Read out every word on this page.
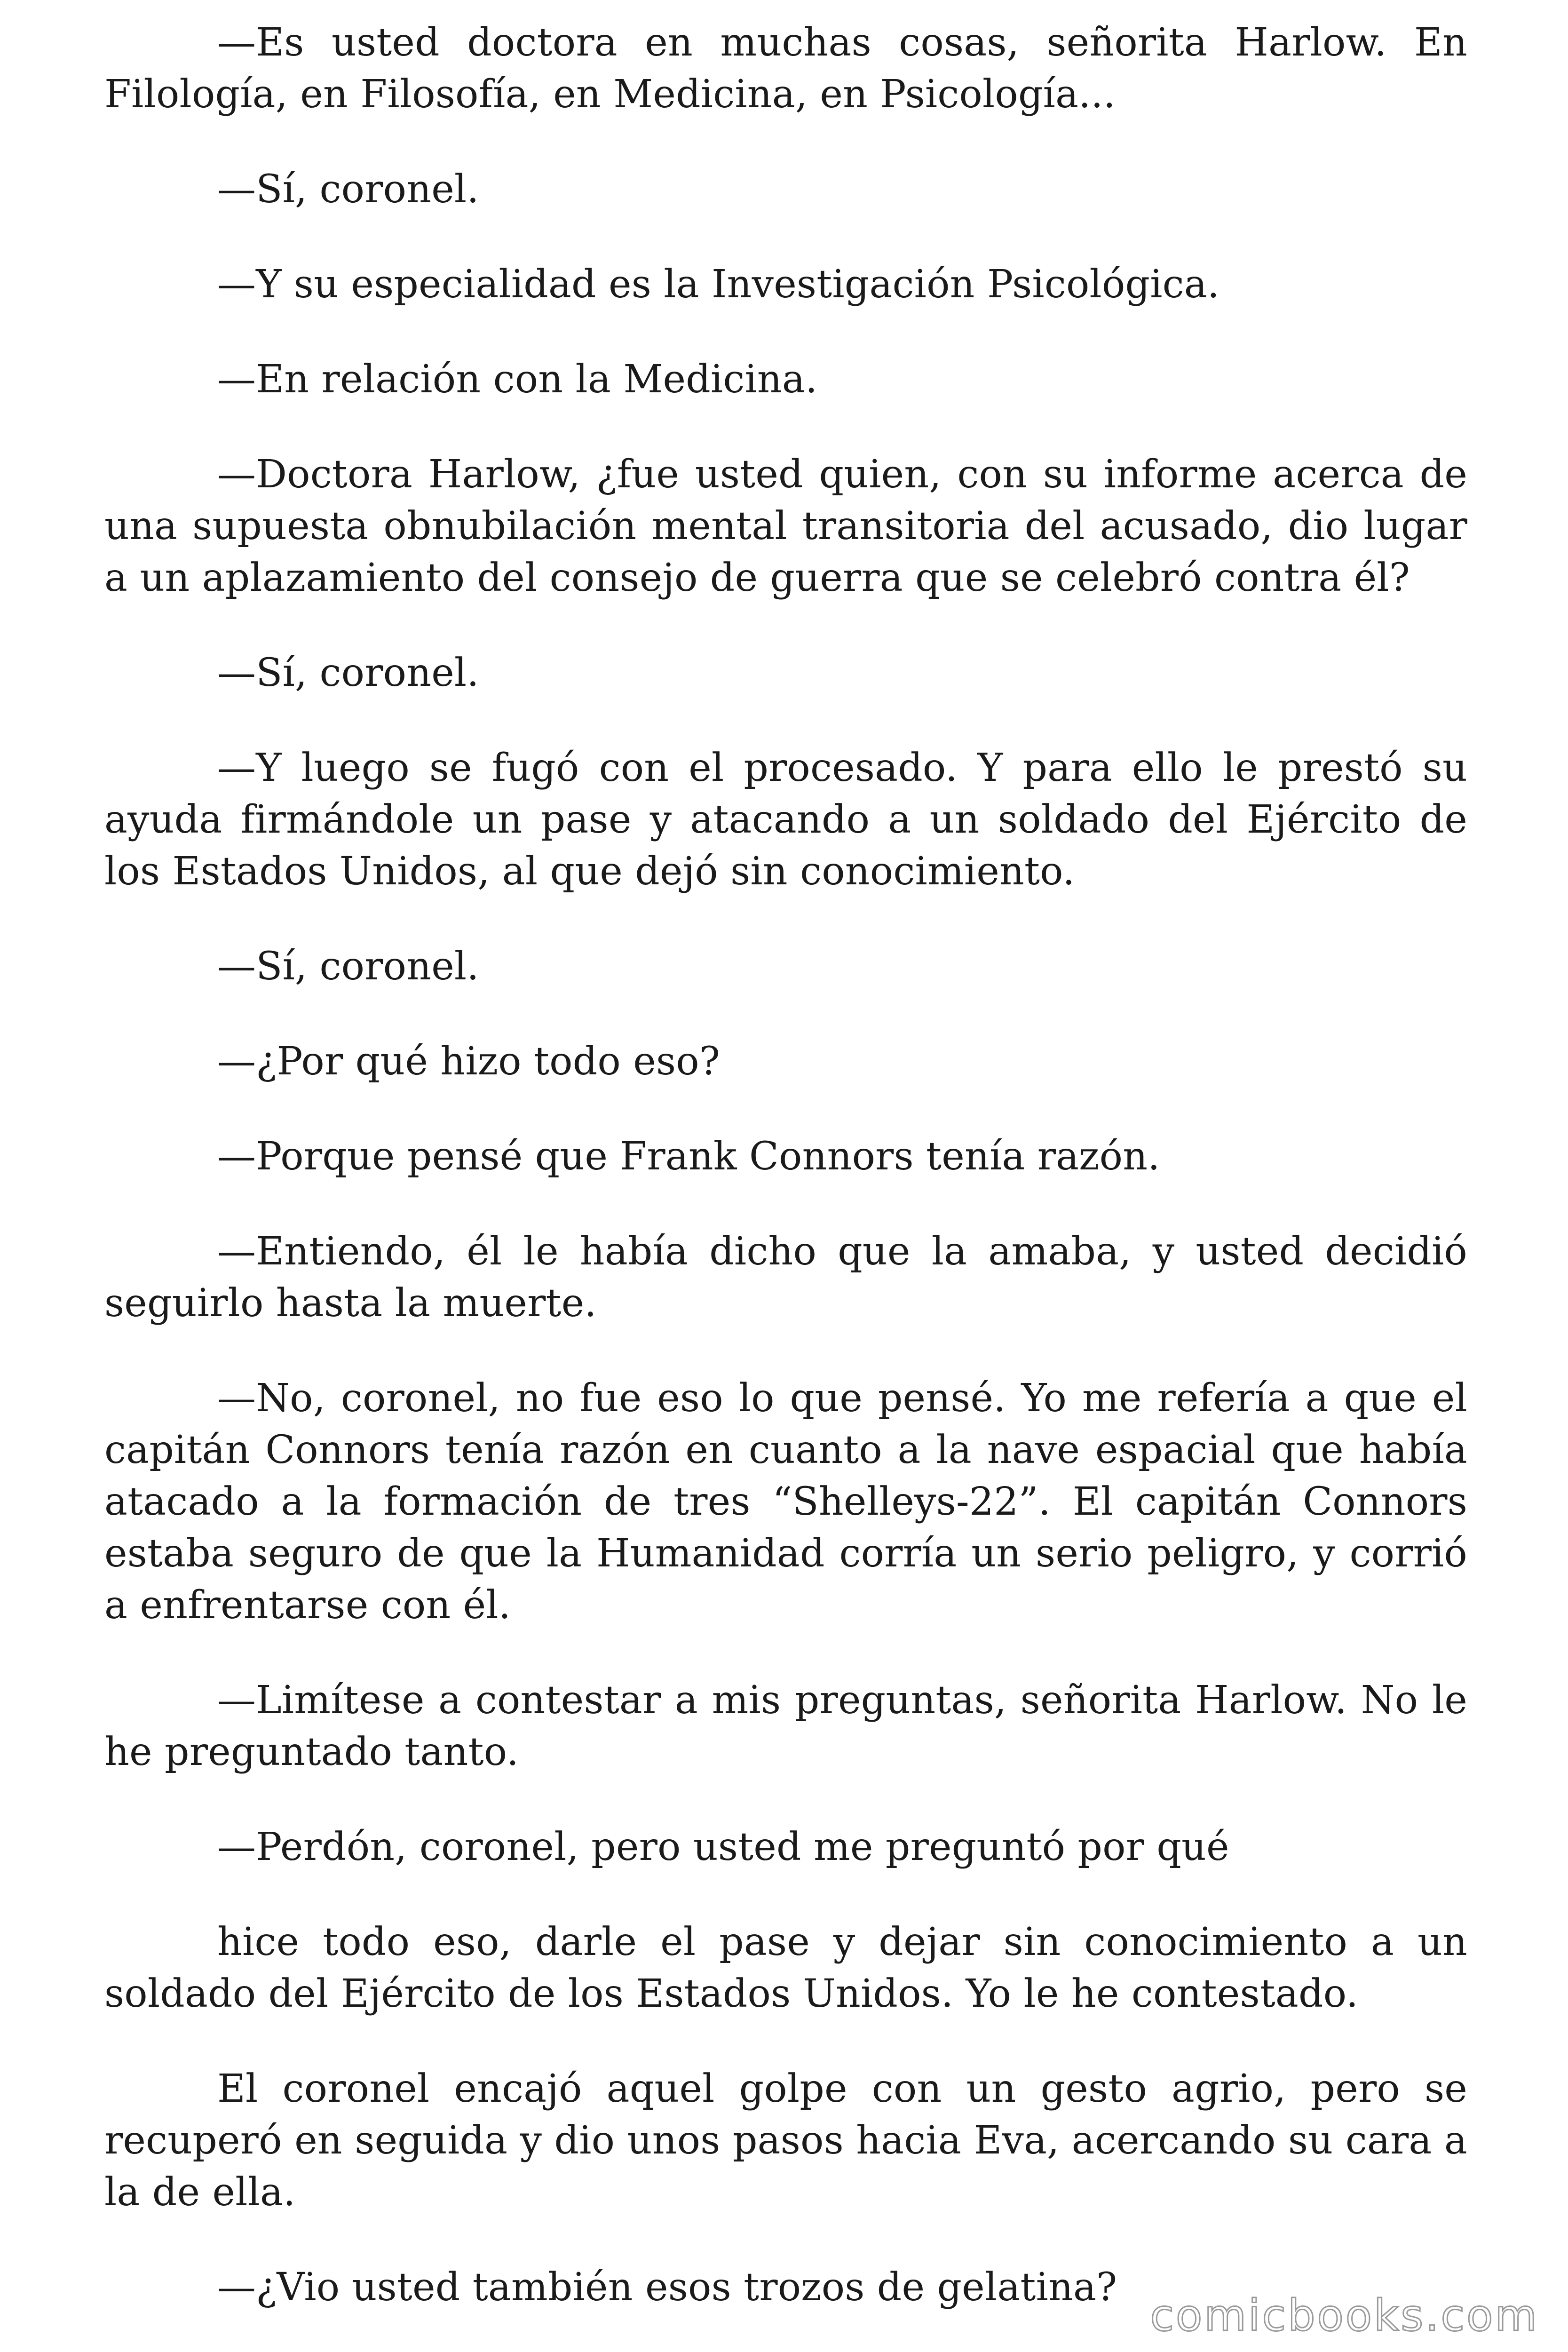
—Es usted doctora en muchas cosas, señorita Harlow. En Filología, en Filosofía, en Medicina, en Psicología...

—Sí, coronel.

—Y su especialidad es la Investigación Psicológica.

—En relación con la Medicina.

—Doctora Harlow, ¿fue usted quien, con su informe acerca de una supuesta obnubilación mental transitoria del acusado, dio lugar a un aplazamiento del consejo de guerra que se celebró contra él?

—Sí, coronel.

—Y luego se fugó con el procesado. Y para ello le prestó su ayuda firmándole un pase y atacando a un soldado del Ejército de los Estados Unidos, al que dejó sin conocimiento.

—Sí, coronel.

—¿Por qué hizo todo eso?

—Porque pensé que Frank Connors tenía razón.

—Entiendo, él le había dicho que la amaba, y usted decidió seguirlo hasta la muerte.

—No, coronel, no fue eso lo que pensé. Yo me refería a que el capitán Connors tenía razón en cuanto a la nave espacial que había atacado a la formación de tres “Shelleys-22”. El capitán Connors estaba seguro de que la Humanidad corría un serio peligro, y corrió a enfrentarse con él.

—Limítese a contestar a mis preguntas, señorita Harlow. No le he preguntado tanto.

—Perdón, coronel, pero usted me preguntó por qué

hice todo eso, darle el pase y dejar sin conocimiento a un soldado del Ejército de los Estados Unidos. Yo le he contestado.

El coronel encajó aquel golpe con un gesto agrio, pero se recuperó en seguida y dio unos pasos hacia Eva, acercando su cara a la de ella.

—¿Vio usted también esos trozos de gelatina?

comicbooks.com
